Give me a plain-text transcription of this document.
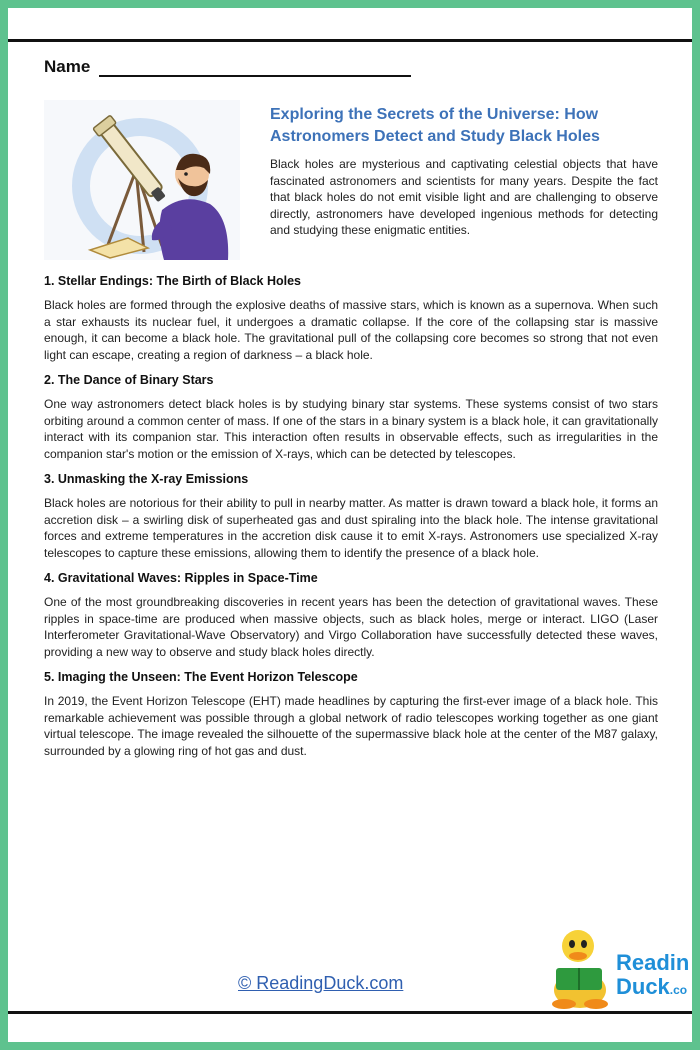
Name
Exploring the Secrets of the Universe: How Astronomers Detect and Study Black Holes
Black holes are mysterious and captivating celestial objects that have fascinated astronomers and scientists for many years. Despite the fact that black holes do not emit visible light and are challenging to observe directly, astronomers have developed ingenious methods for detecting and studying these enigmatic entities.
1. Stellar Endings: The Birth of Black Holes

Black holes are formed through the explosive deaths of massive stars, which is known as a supernova. When such a star exhausts its nuclear fuel, it undergoes a dramatic collapse. If the core of the collapsing star is massive enough, it can become a black hole. The gravitational pull of the collapsing core becomes so strong that not even light can escape, creating a region of darkness – a black hole.

2. The Dance of Binary Stars

One way astronomers detect black holes is by studying binary star systems. These systems consist of two stars orbiting around a common center of mass. If one of the stars in a binary system is a black hole, it can gravitationally interact with its companion star. This interaction often results in observable effects, such as irregularities in the companion star's motion or the emission of X-rays, which can be detected by telescopes.

3. Unmasking the X-ray Emissions

Black holes are notorious for their ability to pull in nearby matter. As matter is drawn toward a black hole, it forms an accretion disk – a swirling disk of superheated gas and dust spiraling into the black hole. The intense gravitational forces and extreme temperatures in the accretion disk cause it to emit X-rays. Astronomers use specialized X-ray telescopes to capture these emissions, allowing them to identify the presence of a black hole.

4. Gravitational Waves: Ripples in Space-Time

One of the most groundbreaking discoveries in recent years has been the detection of gravitational waves. These ripples in space-time are produced when massive objects, such as black holes, merge or interact. LIGO (Laser Interferometer Gravitational-Wave Observatory) and Virgo Collaboration have successfully detected these waves, providing a new way to observe and study black holes directly.

5. Imaging the Unseen: The Event Horizon Telescope

In 2019, the Event Horizon Telescope (EHT) made headlines by capturing the first-ever image of a black hole. This remarkable achievement was possible through a global network of radio telescopes working together as one giant virtual telescope. The image revealed the silhouette of the supermassive black hole at the center of the M87 galaxy, surrounded by a glowing ring of hot gas and dust.

© ReadingDuck.com
Readin
Duck.co
